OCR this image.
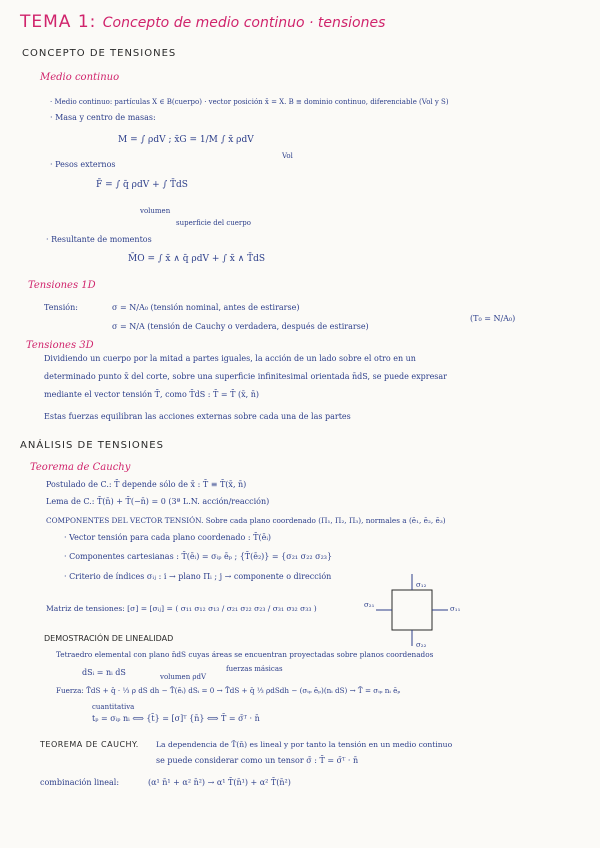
TEMA 1: Concepto de medio continuo · tensiones
CONCEPTO DE TENSIONES
Medio continuo
· Medio continuo: partículas X ∈ B(cuerpo) · vector posición x̄ = X. B ≡ dominio continuo, diferenciable (Vol y S)
· Masa y centro de masas:
M = ∫ ρdV ; x̄G = 1/M ∫ x̄ ρdV
Vol
· Pesos externos
F̄ = ∫ q̄ ρdV + ∫ T̄dS
volumen
superficie del cuerpo
· Resultante de momentos
M̄O = ∫ x̄ ∧ q̄ ρdV + ∫ x̄ ∧ T̄dS
Tensiones 1D
Tensión:	σ = N/A₀ (tensión nominal, antes de estirarse)
σ = N/A (tensión de Cauchy o verdadera, después de estirarse)
(T₀ = N/A₀)
Tensiones 3D
Dividiendo un cuerpo por la mitad a partes iguales, la acción de un lado sobre el otro en un
determinado punto x̄ del corte, sobre una superficie infinitesimal orientada n̄dS, se puede expresar
mediante el vector tensión T̄, como T̄dS : T̄ = T̄ (x̄, n̄)
Estas fuerzas equilibran las acciones externas sobre cada una de las partes
ANÁLISIS DE TENSIONES
Teorema de Cauchy
Postulado de C.: T̄ depende sólo de x̄ : T̄ ≡ T̄(x̄, n̄)
Lema de C.: T̄(n̄) + T̄(−n̄) = 0 (3ª L.N. acción/reacción)
COMPONENTES DEL VECTOR TENSIÓN. Sobre cada plano coordenado (Π₁, Π₂, Π₃), normales a (ē₁, ē₂, ē₃)
· Vector tensión para cada plano coordenado : T̄(ēᵢ)
· Componentes cartesianas : T̄(ēᵢ) = σᵢₚ ēₚ ; {T̄(ē₂)} = {σ₂₁ σ₂₂ σ₂₃}
· Criterio de índices σᵢⱼ : i → plano Πᵢ ; j → componente o dirección
Matriz de tensiones: [σ] = [σᵢⱼ] = ( σ₁₁ σ₁₂ σ₁₃ / σ₂₁ σ₂₂ σ₂₃ / σ₃₁ σ₃₂ σ₃₃ )	σ₁₁
σ₁₂
σ₂₁
σ₂₂
DEMOSTRACIÓN DE LINEALIDAD
Tetraedro elemental con plano n̄dS cuyas áreas se encuentran proyectadas sobre planos coordenados
dSᵢ = nᵢ dS	volumen ρdV
fuerzas másicas
Fuerza: T̄dS + q̄ · ⅓ ρ dS dh − T̄(ēᵢ) dSᵢ = 0 → T̄dS + q̄ ⅓ ρdSdh − (σᵢₚ ēₚ)(nᵢ dS) → T̄ = σᵢₚ nᵢ ēₚ
cuantitativa
tₚ = σᵢₚ nᵢ ⟺ {t̄} = [σ]ᵀ {n̄} ⟺ T̄ = σ̄ᵀ · n̄
TEOREMA DE CAUCHY. La dependencia de T̄(n̄) es lineal y por tanto la tensión en un medio continuo
se puede considerar como un tensor σ̄ : T̄ = σ̄ᵀ · n̄
combinación lineal:	(α¹ n̄¹ + α² n̄²) → α¹ T̄(n̄¹) + α² T̄(n̄²)
